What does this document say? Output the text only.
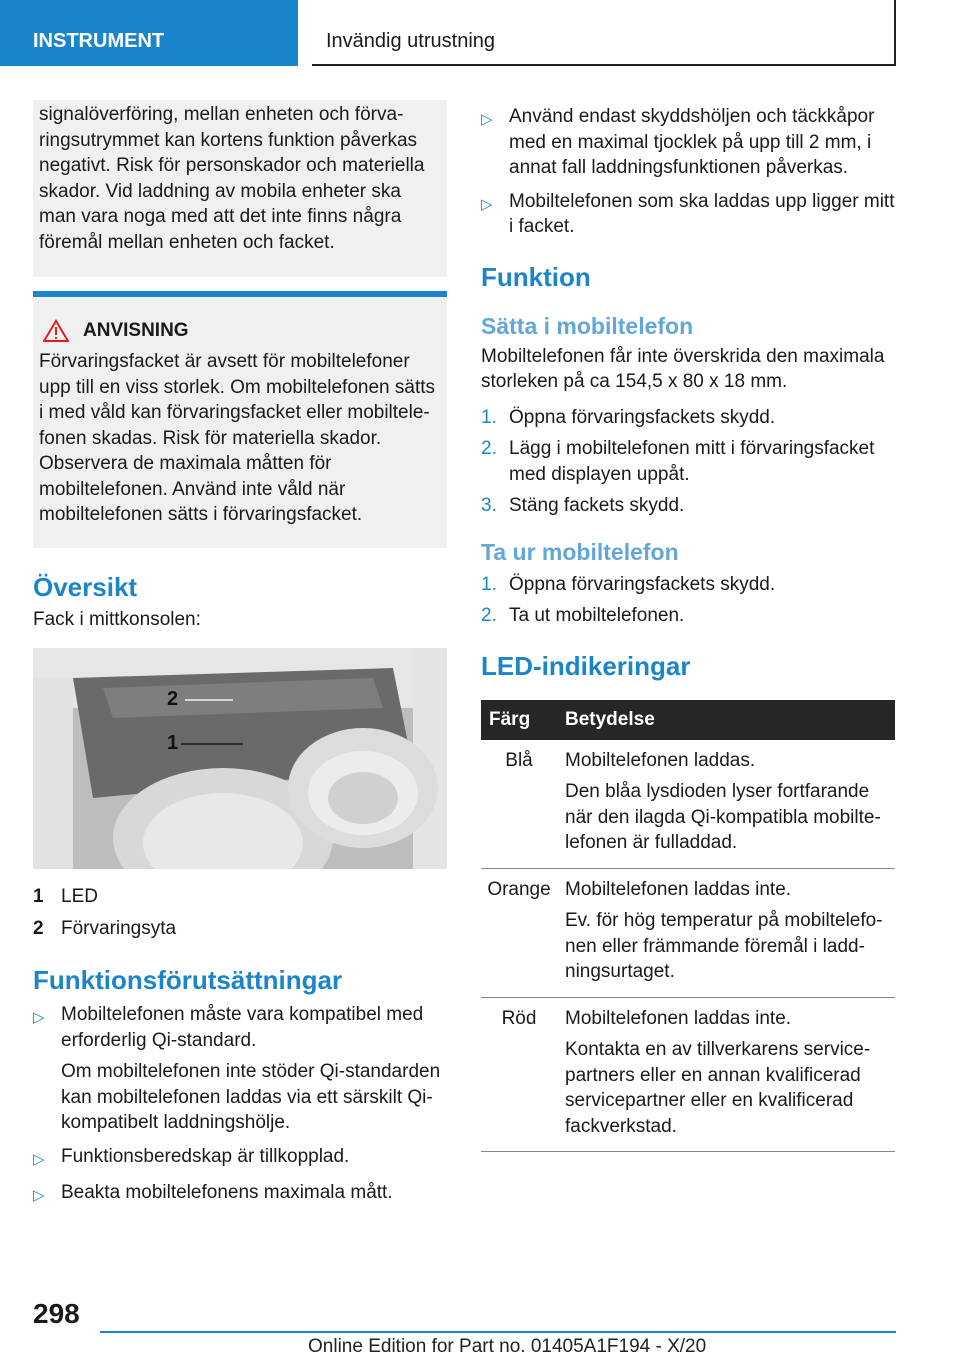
INSTRUMENT	Invändig utrustning

signalöverföring, mellan enheten och förvaringsutrymmet kan kortens funktion påverkas negativt. Risk för personskador och materiella skador. Vid laddning av mobila enheter ska man vara noga med att det inte finns några föremål mellan enheten och facket.

ANVISNING

Förvaringsfacket är avsett för mobiltelefoner upp till en viss storlek. Om mobiltelefonen sätts i med våld kan förvaringsfacket eller mobiltelefonen skadas. Risk för materiella skador. Observera de maximala måtten för mobiltelefonen. Använd inte våld när mobiltelefonen sätts i förvaringsfacket.

Översikt

Fack i mittkonsolen:

2
1
1 LED
2 Förvaringsyta
Funktionsförutsättningar
▷ Mobiltelefonen måste vara kompatibel med erforderlig Qi-standard.
Om mobiltelefonen inte stöder Qi-standarden kan mobiltelefonen laddas via ett särskilt Qi-kompatibelt laddningshölje.
▷ Funktionsberedskap är tillkopplad.
▷ Beakta mobiltelefonens maximala mått.
▷ Använd endast skyddshöljen och täckkåpor med en maximal tjocklek på upp till 2 mm, i annat fall laddningsfunktionen påverkas.
▷ Mobiltelefonen som ska laddas upp ligger mitt i facket.
Funktion
Sätta i mobiltelefon

Mobiltelefonen får inte överskrida den maximala storleken på ca 154,5 x 80 x 18 mm.

1. Öppna förvaringsfackets skydd.
2. Lägg i mobiltelefonen mitt i förvaringsfacket med displayen uppåt.
3. Stäng fackets skydd.
Ta ur mobiltelefon
1. Öppna förvaringsfackets skydd.
2. Ta ut mobiltelefonen.
LED-indikeringar
Färg	Betydelse
Blå	Mobiltelefonen laddas.
Den blåa lysdioden lyser fortfarande när den ilagda Qi-kompatibla mobiltelefonen är fulladdad.

Orange	Mobiltelefonen laddas inte.
Ev. för hög temperatur på mobiltelefonen eller främmande föremål i laddningsurtaget.

Röd	Mobiltelefonen laddas inte.
Kontakta en av tillverkarens servicepartners eller en annan kvalificerad servicepartner eller en kvalificerad fackverkstad.
298
Online Edition for Part no. 01405A1F194 - X/20
